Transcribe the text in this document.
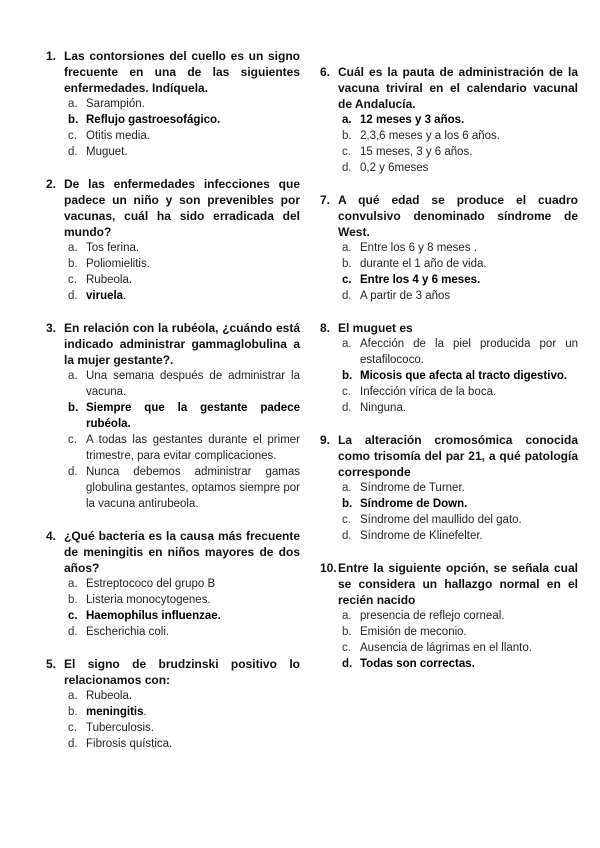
1. Las contorsiones del cuello es un signo frecuente en una de las siguientes enfermedades. Indíquela.
a. Sarampión.
b. Reflujo gastroesofágico.
c. Otitis media.
d. Muguet.
2. De las enfermedades infecciones que padece un niño y son prevenibles por vacunas, cuál ha sido erradicada del mundo?
a. Tos ferina.
b. Poliomielitis.
c. Rubeola.
d. viruela.
3. En relación con la rubéola, ¿cuándo está indicado administrar gammaglobulina a la mujer gestante?.
a. Una semana después de administrar la vacuna.
b. Siempre que la gestante padece rubéola.
c. A todas las gestantes durante el primer trimestre, para evitar complicaciones.
d. Nunca debemos administrar gamas globulina gestantes, optamos siempre por la vacuna antirubeola.
4. ¿Qué bacteria es la causa más frecuente de meningitis en niños mayores de dos años?
a. Estreptococo del grupo B
b. Listeria monocytogenes.
c. Haemophilus influenzae.
d. Escherichia coli.
5. El signo de brudzinski positivo lo relacionamos con:
a. Rubeola.
b. meningitis.
c. Tuberculosis.
d. Fibrosis quística.
6. Cuál es la pauta de administración de la vacuna triviral en el calendario vacunal de Andalucía.
a. 12 meses y 3 años.
b. 2,3,6 meses y a los 6 años.
c. 15 meses, 3 y 6 años.
d. 0,2 y 6meses
7. A qué edad se produce el cuadro convulsivo denominado síndrome de West.
a. Entre los 6 y 8 meses .
b. durante el 1 año de vida.
c. Entre los 4 y 6 meses.
d. A partir de 3 años
8. El muguet es
a. Afección de la piel producida por un estafilococo.
b. Micosis que afecta al tracto digestivo.
c. Infección vírica de la boca.
d. Ninguna.
9. La alteración cromosómica conocida como trisomía del par 21, a qué patología corresponde
a. Síndrome de Turner.
b. Síndrome de Down.
c. Síndrome del maullido del gato.
d. Síndrome de Klinefelter.
10. Entre la siguiente opción, se señala cual se considera un hallazgo normal en el recién nacido
a. presencia de reflejo corneal.
b. Emisión de meconio.
c. Ausencia de lágrimas en el llanto.
d. Todas son correctas.
